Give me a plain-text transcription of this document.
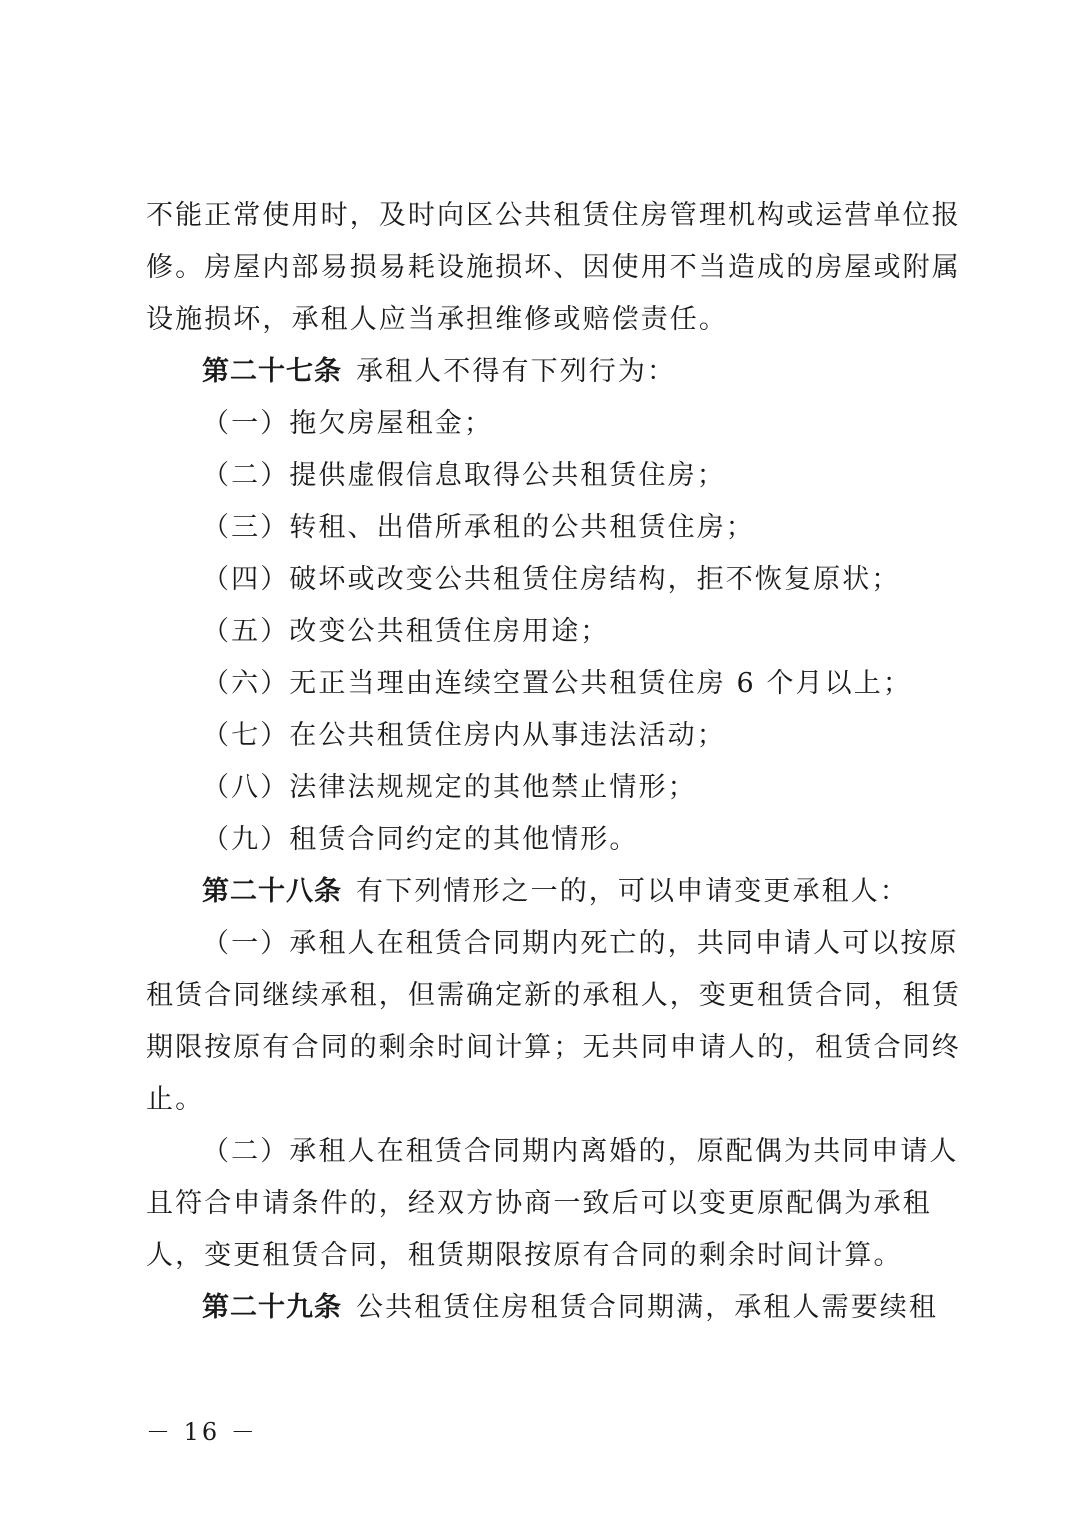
不能正常使用时，及时向区公共租赁住房管理机构或运营单位报
修。房屋内部易损易耗设施损坏、因使用不当造成的房屋或附属
设施损坏，承租人应当承担维修或赔偿责任。
第二十七条 承租人不得有下列行为：
（一）拖欠房屋租金；
（二）提供虚假信息取得公共租赁住房；
（三）转租、出借所承租的公共租赁住房；
（四）破坏或改变公共租赁住房结构，拒不恢复原状；
（五）改变公共租赁住房用途；
（六）无正当理由连续空置公共租赁住房 6 个月以上；
（七）在公共租赁住房内从事违法活动；
（八）法律法规规定的其他禁止情形；
（九）租赁合同约定的其他情形。
第二十八条 有下列情形之一的，可以申请变更承租人：
（一）承租人在租赁合同期内死亡的，共同申请人可以按原
租赁合同继续承租，但需确定新的承租人，变更租赁合同，租赁
期限按原有合同的剩余时间计算；无共同申请人的，租赁合同终
止。
（二）承租人在租赁合同期内离婚的，原配偶为共同申请人
且符合申请条件的，经双方协商一致后可以变更原配偶为承租
人，变更租赁合同，租赁期限按原有合同的剩余时间计算。
第二十九条 公共租赁住房租赁合同期满，承租人需要续租
－ 16 －
